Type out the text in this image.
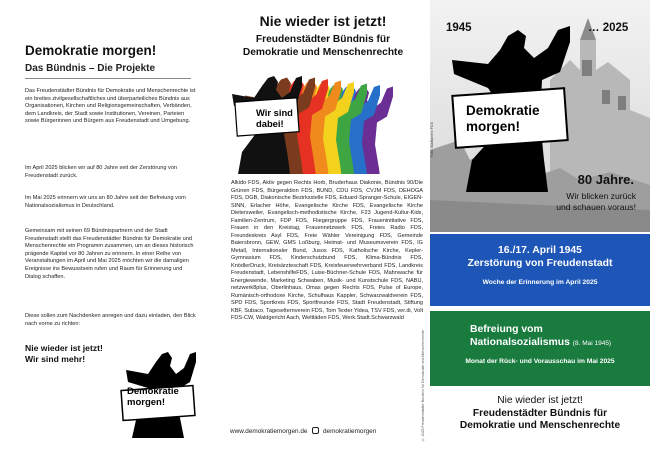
Demokratie morgen!
Das Bündnis – Die Projekte

Das Freudenstädter Bündnis für Demokratie und Menschenrechte ist ein breites zivilgesellschaftliches und überparteiliches Bündnis aus Organisationen, Kirchen und Religionsgemeinschaften, Verbänden, dem Landkreis, der Stadt sowie Institutionen, Vereinen, Parteien sowie Bürgerinnen und Bürgern aus Freudenstadt und Umgebung.

Im April 2025 blicken wir auf 80 Jahre seit der Zerstörung von Freudenstadt zurück.

Im Mai 2025 erinnern wir uns an 80 Jahre seit der Befreiung vom Nationalsozialismus in Deutschland.

Gemeinsam mit seinen 69 Bündnispartnern und der Stadt Freudenstadt stellt das Freudenstädter Bündnis für Demokratie und Menschenrechte ein Programm zusammen, um an dieses historisch prägende Kapitel vor 80 Jahren zu erinnern. In einer Reihe von Veranstaltungen im April und Mai 2025 möchten wir die damaligen Ereignisse ins Bewusstsein rufen und Raum für Erinnerung und Dialog schaffen.

Diese sollen zum Nachdenken anregen und dazu einladen, den Blick nach vorne zu richten:

Nie wieder ist jetzt!
Wir sind mehr!
Demokratie
morgen!
Nie wieder ist jetzt!
Freudenstädter Bündnis für
Demokratie und Menschenrechte
Wir sind
dabei!

Alkido FDS, Aktiv gegen Rechts Horb, Bruderhaus Diakonie, Bündnis 90/Die Grünen FDS, Bürgeraktion FDS, BUND, CDU FDS, CVJM FDS, DEHOGA FDS, DGB, Diakonische Bezirksstelle FDS, Eduard-Spranger-Schule, EIGEN-SINN, Erlacher Höhe, Evangelische Kirche FDS, Evangelische Kirche Dietersweiler, Evangelisch-methodistische Kirche, F23 Jugend-Kultur-Kids, Familien-Zentrum, FDP FDS, Fliegergruppe FDS, Fraueninitiative FDS, Frauen in den Kreistag, Frauennetzwerk FDS, Freies Radio FDS, Freundeskreis Asyl FDS, Freie Wähler Vereinigung FDS, Gemeinde Baiersbronn, GEW, GMS Loßburg, Heimat- und Museumsverein FDS, IG Metall, Internationaler Bund, Jusos FDS, Katholische Kirche, Kepler-Gymnasium FDS, Kinderschutzbund FDS, Klima-Bündnis FDS, KnödlerDruck, Kreisärzteschaft FDS, Kreisfeuerwehrverband FDS, Landkreis Freudenstadt, LebenshilfeFDS, Luise-Büchner-Schule FDS, Mahnwache für Energiewende, Marketing Schwaben, Musik- und Kunstschule FDS, NABU, netzwerk8plus, Oberlinhaus, Omas gegen Rechts FDS, Pulse of Europe, Rumänisch-orthodoxe Kirche, Schulhaus Kappler, Schwarzwaldverein FDS, SPD FDS, Sportkreis FDS, Sportfreunde FDS, Stadt Freudenstadt, Stiftung KBF, Subaco, Tageselternverein FDS, Tom Texter Yidea, TSV FDS, ver.di, Volt FDS-CW, Waldgericht Aach, Weltläden FDS, Werk.Stadt.Schwarzwald

www.demokratiemorgen.de demokratiemorgen
1945	… 2025
Demokratie
morgen!
80 Jahre.
Wir blicken zurück
und schauen voraus!
Foto: Stadtarchiv FDS
16./17. April 1945
Zerstörung von Freudenstadt
Woche der Erinnerung im April 2025
Befreiung vom
Nationalsozialismus (8. Mai 1945)
Monat der Rück- und Vorausschau im Mai 2025
Nie wieder ist jetzt!
Freudenstädter Bündnis für
Demokratie und Menschenrechte
© 2025 Freudenstädter Bündnis für Demokratie und Menschenrechte
